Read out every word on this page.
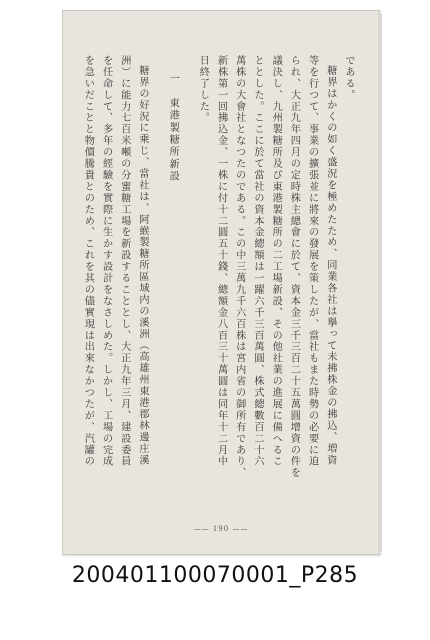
である。
糖界はかくの如く盛況を極めたため、同業各社は擧って未拂株金の拂込、増資
等を行つて、事業の擴張並に將來の發展を策したが、當社もまた時勢の必要に迫
られ、大正九年四月の定時株主總會に於て、資本金三千三百二十五萬圓增資の件を
議決し、九州製糖所及び東港製糖所の二工場新設、その他社業の進展に備へるこ
ととした。ここに於て當社の資本金總額は一躍六千三百萬圓、株式總數百二十六
萬株の大會社となつたのである。この中三萬九千六百株は宮内省の御所有であり、
新株第一回拂込金、一株に付十二圓五十錢、總額金八百三十萬圓は同年十二月中
日終了した。
一　東港製糖所新設
糖界の好況に乘じ、當社は、阿緱製糖所區域内の溪洲（高雄州東港郡林邊庄溪
洲）に能力七百米噸の分蜜糖工場を新設することとし、大正九年三月、建設委員
を任命して、多年の經驗を實際に生かす設計をなさしめた。しかし、工場の完成
を急いだことと物價騰貴とのため、これを其の儘實現は出來なかつたが、汽罐の
—— 190 ——
200401100070001_P285
